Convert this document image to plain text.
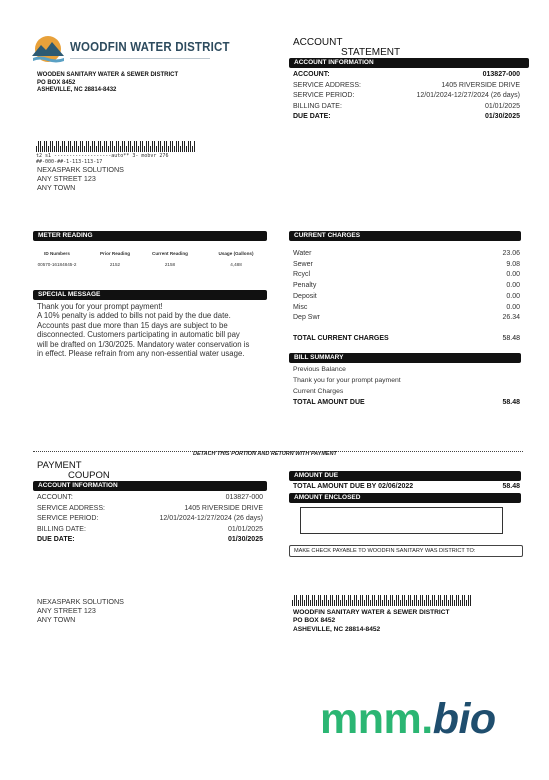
WOODFIN WATER DISTRICT
WOODEN SANITARY WATER & SEWER DISTRICT
PO BOX 8452
ASHEVILLE, NC 28814-8432
ACCOUNT
STATEMENT
ACCOUNT INFORMATION
ACCOUNT:	013827-000
SERVICE ADDRESS:	1405 RIVERSIDE DRIVE
SERVICE PERIOD:	12/01/2024-12/27/2024 (26 days)
BILLING DATE:	01/01/2025
DUE DATE:	01/30/2025
t2 s1 -------------------auto** 3- mobvr 276
##-000-##-1-113-113-17
NEXASPARK SOLUTIONS
ANY STREET 123
ANY TOWN
METER READING
ID Numbers	Prior Reading	Current Reading	Usage (Gallons)
00570-16184845-2	2152	2158	4,488
SPECIAL MESSAGE
Thank you for your prompt payment!
A 10% penalty is added to bills not paid by the due date.
Accounts past due more than 15 days are subject to be
disconnected. Customers participating in automatic bill pay
will be drafted on 1/30/2025. Mandatory water conservation is
in effect. Please refrain from any non-essential water usage.
CURRENT CHARGES
Water	23.06
Sewer	9.08
Rcycl	0.00
Penalty	0.00
Deposit	0.00
Misc	0.00
Dep Swr	26.34
TOTAL CURRENT CHARGES	58.48
BILL SUMMARY
Previous Balance
Thank you for your prompt payment
Current Charges
TOTAL AMOUNT DUE	58.48
DETACH THIS PORTION AND RETURN WITH PAYMENT
PAYMENT
COUPON
ACCOUNT INFORMATION
ACCOUNT:	013827-000
SERVICE ADDRESS:	1405 RIVERSIDE DRIVE
SERVICE PERIOD:	12/01/2024-12/27/2024 (26 days)
BILLING DATE:	01/01/2025
DUE DATE:	01/30/2025
AMOUNT DUE
TOTAL AMOUNT DUE BY 02/06/2022	58.48
AMOUNT ENCLOSED
MAKE CHECK PAYABLE TO WOODFIN SANITARY WAS DISTRICT TO:
NEXASPARK SOLUTIONS
ANY STREET 123
ANY TOWN
WOODFIN SANITARY WATER & SEWER DISTRICT
PO BOX 8452
ASHEVILLE, NC 28814-8452
mnm.bio
